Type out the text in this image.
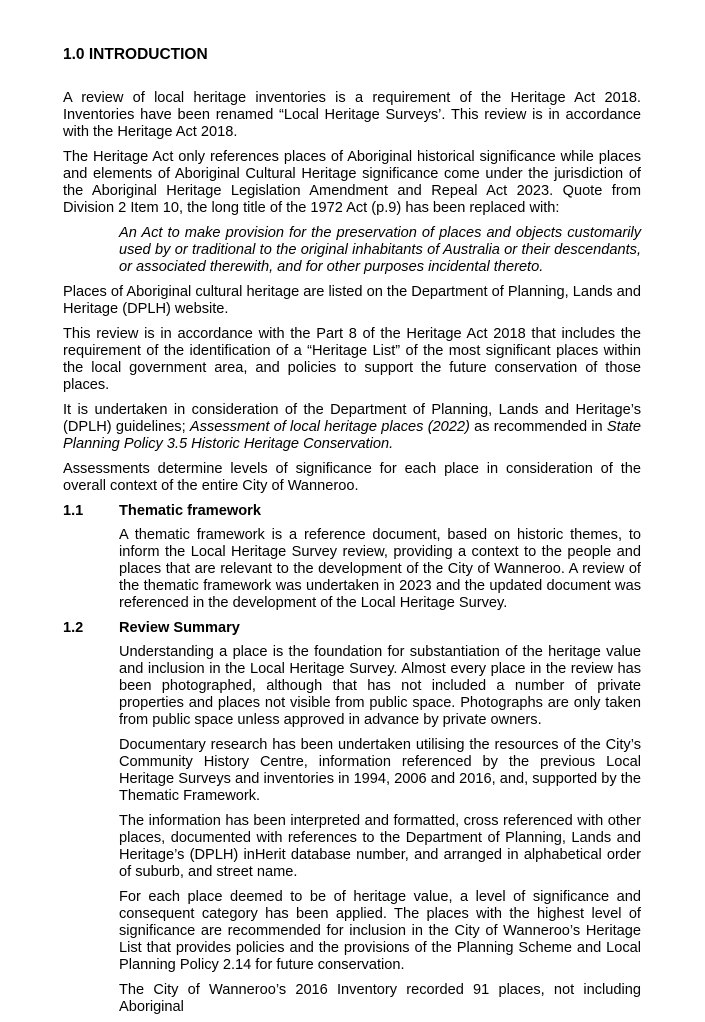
1.0 INTRODUCTION

A review of local heritage inventories is a requirement of the Heritage Act 2018. Inventories have been renamed “Local Heritage Surveys’. This review is in accordance with the Heritage Act 2018.

The Heritage Act only references places of Aboriginal historical significance while places and elements of Aboriginal Cultural Heritage significance come under the jurisdiction of the Aboriginal Heritage Legislation Amendment and Repeal Act 2023. Quote from Division 2 Item 10, the long title of the 1972 Act (p.9) has been replaced with:

An Act to make provision for the preservation of places and objects customarily used by or traditional to the original inhabitants of Australia or their descendants, or associated therewith, and for other purposes incidental thereto.

Places of Aboriginal cultural heritage are listed on the Department of Planning, Lands and Heritage (DPLH) website.

This review is in accordance with the Part 8 of the Heritage Act 2018 that includes the requirement of the identification of a “Heritage List” of the most significant places within the local government area, and policies to support the future conservation of those places.

It is undertaken in consideration of the Department of Planning, Lands and Heritage’s (DPLH) guidelines; Assessment of local heritage places (2022) as recommended in State Planning Policy 3.5 Historic Heritage Conservation.

Assessments determine levels of significance for each place in consideration of the overall context of the entire City of Wanneroo.

1.1	Thematic framework

A thematic framework is a reference document, based on historic themes, to inform the Local Heritage Survey review, providing a context to the people and places that are relevant to the development of the City of Wanneroo. A review of the thematic framework was undertaken in 2023 and the updated document was referenced in the development of the Local Heritage Survey.

1.2	Review Summary

Understanding a place is the foundation for substantiation of the heritage value and inclusion in the Local Heritage Survey. Almost every place in the review has been photographed, although that has not included a number of private properties and places not visible from public space. Photographs are only taken from public space unless approved in advance by private owners.

Documentary research has been undertaken utilising the resources of the City’s Community History Centre, information referenced by the previous Local Heritage Surveys and inventories in 1994, 2006 and 2016, and, supported by the Thematic Framework.

The information has been interpreted and formatted, cross referenced with other places, documented with references to the Department of Planning, Lands and Heritage’s (DPLH) inHerit database number, and arranged in alphabetical order of suburb, and street name.

For each place deemed to be of heritage value, a level of significance and consequent category has been applied. The places with the highest level of significance are recommended for inclusion in the City of Wanneroo’s Heritage List that provides policies and the provisions of the Planning Scheme and Local Planning Policy 2.14 for future conservation.

The City of Wanneroo’s 2016 Inventory recorded 91 places, not including Aboriginal
